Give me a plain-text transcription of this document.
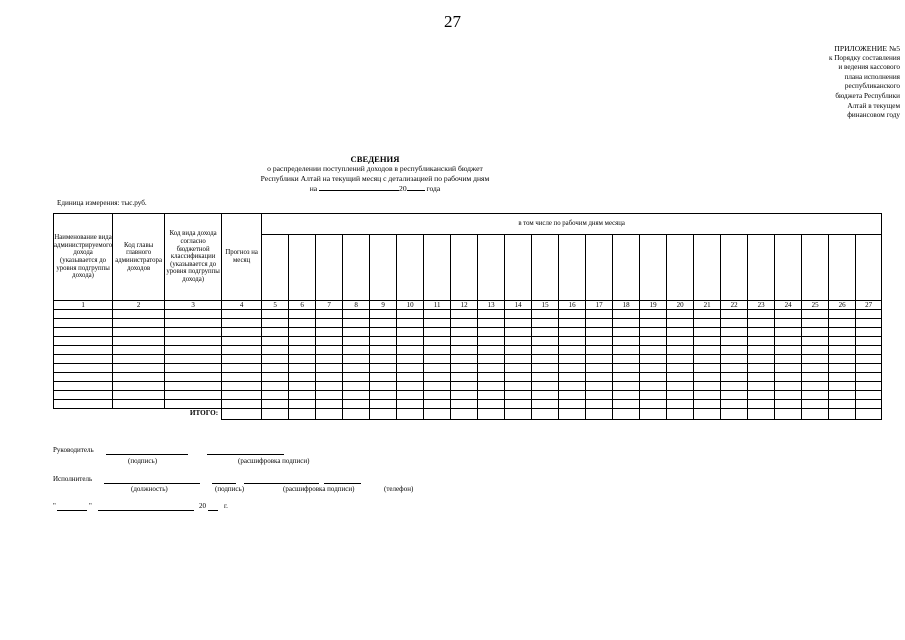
27
ПРИЛОЖЕНИЕ №5
к Порядку составления
и ведения кассового
плана исполнения
республиканского
бюджета Республики
Алтай в текущем
финансовом году
СВЕДЕНИЯ
о распределении поступлений доходов в республиканский бюджет
Республики Алтай на текущий месяц с детализацией по рабочим дням
на	20	года
Единица измерения: тыс.руб.
Наименование вида администрируемого дохода (указывается до уровня подгруппы дохода)	Код главы главного администратора доходов	Код вида дохода согласно бюджетной классификации (указывается до уровня подгруппы дохода)	Прогноз на месяц	в том числе по рабочим дням месяца																						

1	2	3	4	5	6	7	8	9	10	11	12	13	14	15	16	17	18	19	20	21	22	23	24	25	26	27

ИТОГО:																										
Руководитель
(подпись)	(расшифровка подписи)
Исполнитель
(должность)	(подпись)	(расшифровка подписи)	(телефон)
"	"	20	г.
